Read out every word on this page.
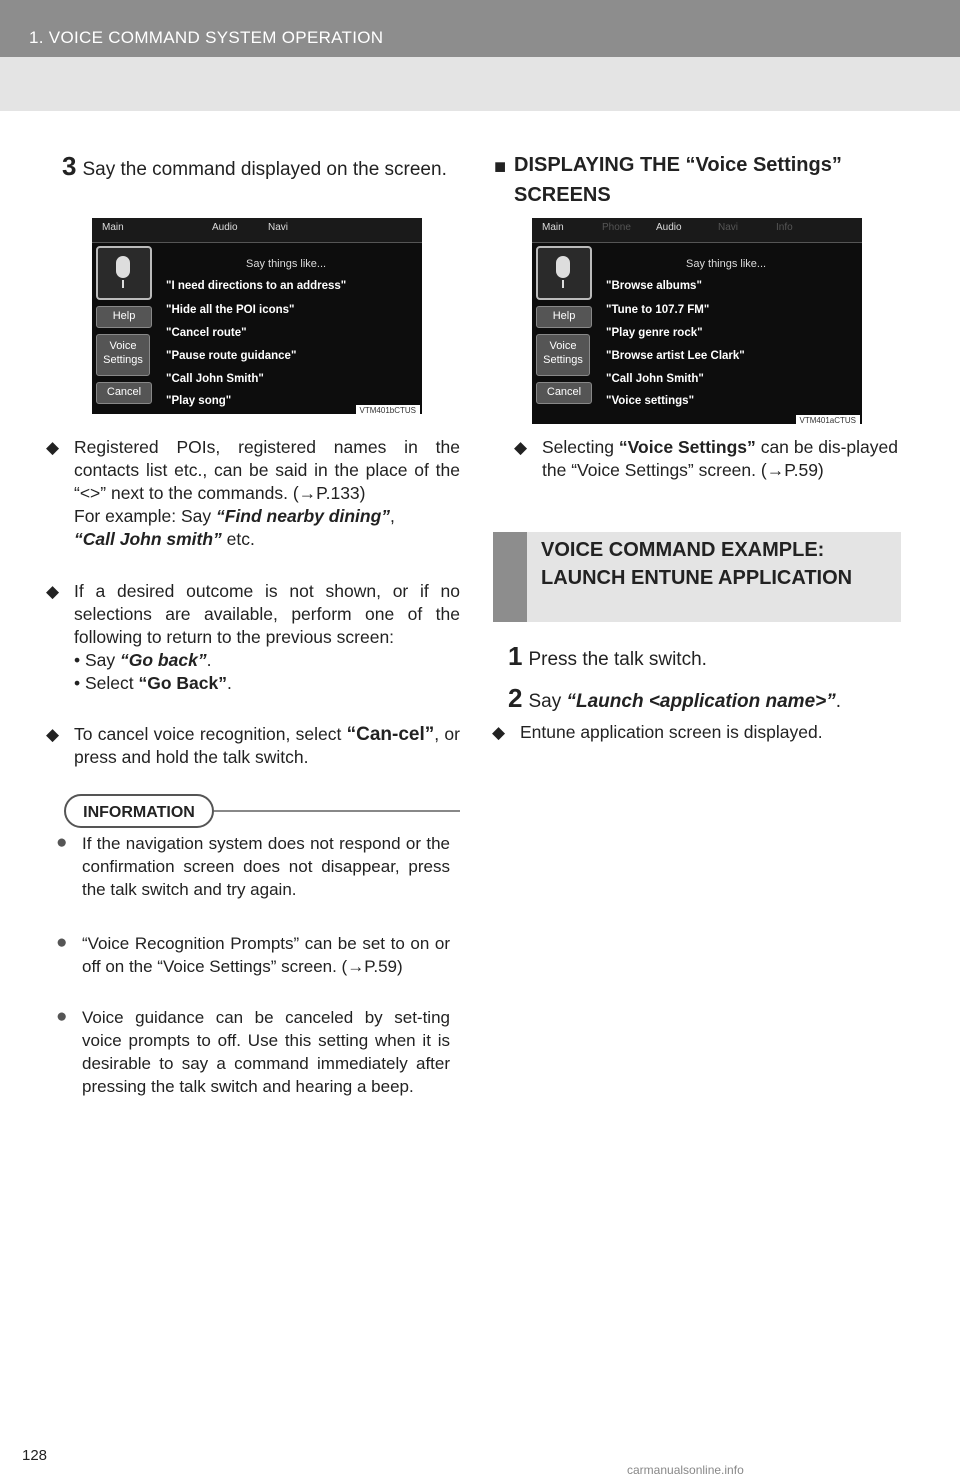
1. VOICE COMMAND SYSTEM OPERATION
3 Say the command displayed on the screen.
Main	Audio	Navi
Help
Voice Settings
Cancel
Say things like...
"I need directions to an address"
"Hide all the POI icons"
"Cancel route"
"Pause route guidance"
"Call John Smith"
"Play song"
VTM401bCTUS
◆ Registered POIs, registered names in the contacts list etc., can be said in the place of the “<>” next to the commands. (→P.133)
For example: Say “Find nearby dining”,
“Call John smith” etc.
◆ If a desired outcome is not shown, or if no selections are available, perform one of the following to return to the previous screen:
• Say “Go back”.
• Select “Go Back”.
◆ To cancel voice recognition, select “Can-cel”, or press and hold the talk switch.
INFORMATION
● If the navigation system does not respond or the confirmation screen does not disappear, press the talk switch and try again.
● “Voice Recognition Prompts” can be set to on or off on the “Voice Settings” screen. (→P.59)
● Voice guidance can be canceled by set-ting voice prompts to off. Use this setting when it is desirable to say a command immediately after pressing the talk switch and hearing a beep.
■ DISPLAYING THE “Voice Settings” SCREENS
Main	Phone	Audio	Navi	Info
Help
Voice Settings
Cancel
Say things like...
"Browse albums"
"Tune to 107.7 FM"
"Play genre rock"
"Browse artist Lee Clark"
"Call John Smith"
"Voice settings"
VTM401aCTUS
◆ Selecting “Voice Settings” can be dis-played the “Voice Settings” screen. (→P.59)
VOICE COMMAND EXAMPLE: LAUNCH ENTUNE APPLICATION
1 Press the talk switch.
2 Say “Launch <application name>”.
◆ Entune application screen is displayed.
128
carmanualsonline.info
